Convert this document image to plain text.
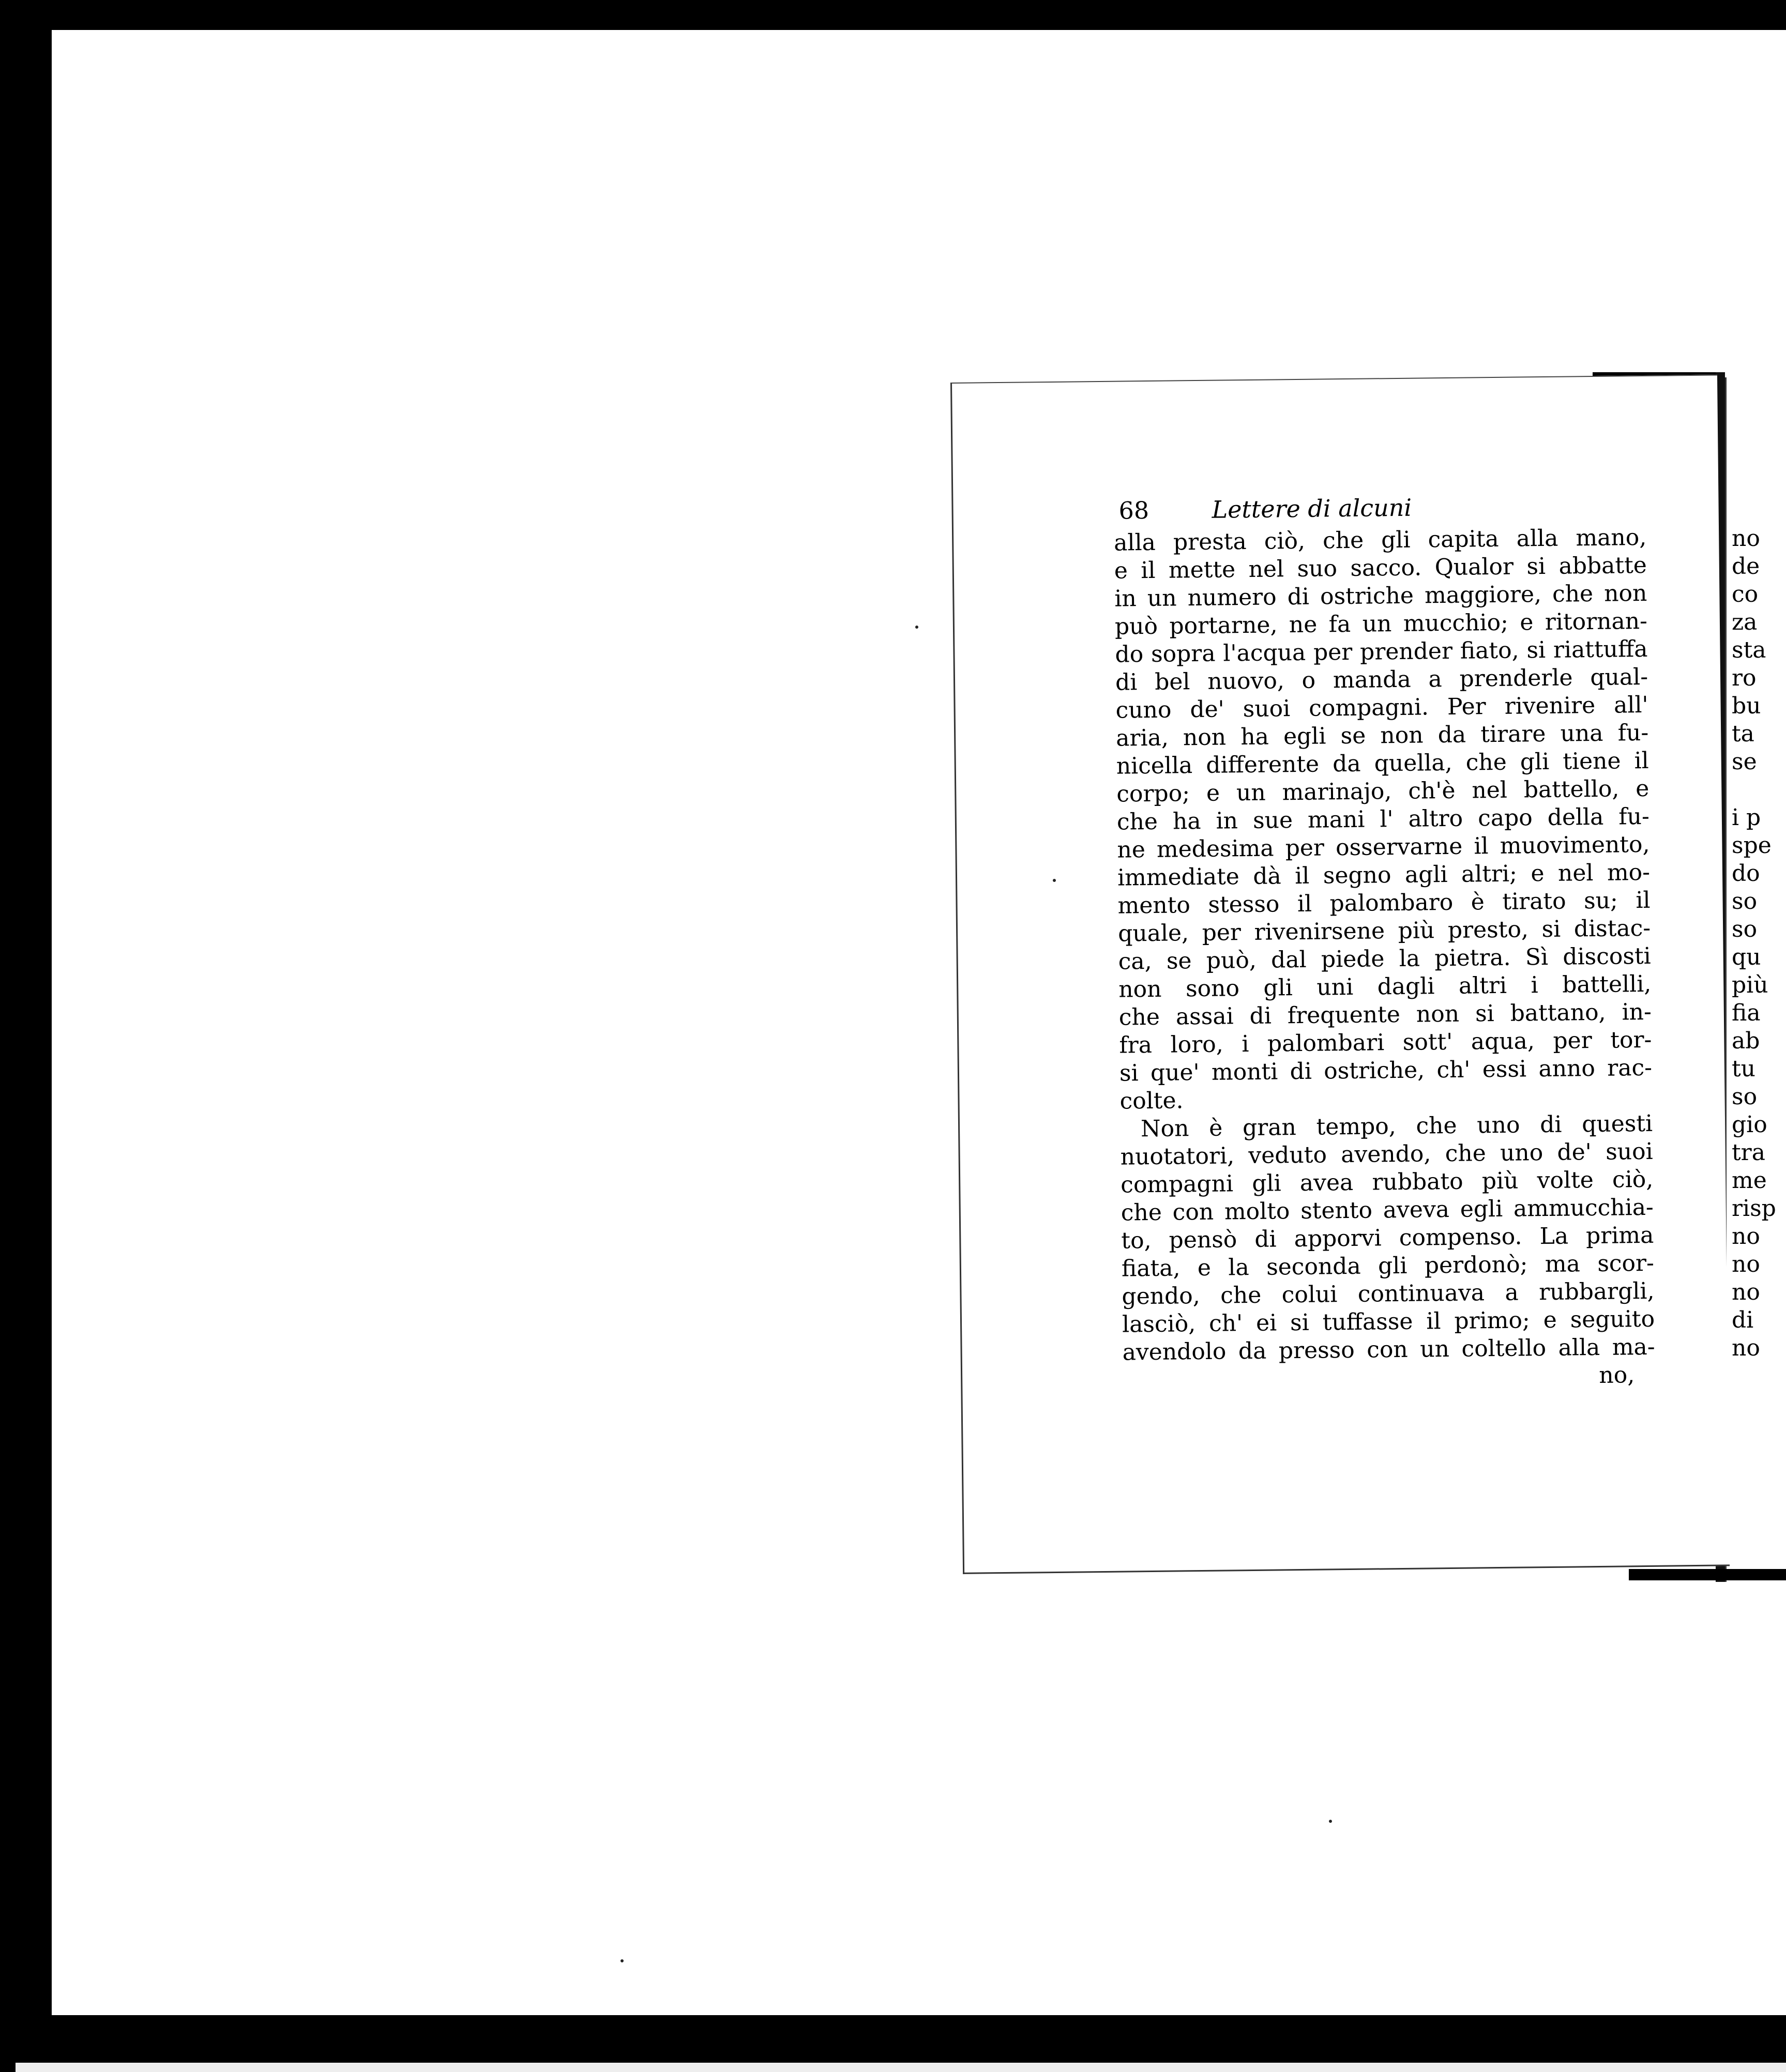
no
de
co
za
sta
ro
bu
ta
se

i p
spe
do
so
so
qu
più
fia
ab
tu
so
gio
tra
me
risp
no
no
no
di
no
68	Lettere di alcuni
alla presta ciò, che gli capita alla mano,
e il mette nel suo sacco. Qualor si abbatte
in un numero di ostriche maggiore, che non
può portarne, ne fa un mucchio; e ritornan-
do sopra l'acqua per prender fiato, si riattuffa
di bel nuovo, o manda a prenderle qual-
cuno de' suoi compagni. Per rivenire all'
aria, non ha egli se non da tirare una fu-
nicella differente da quella, che gli tiene il
corpo; e un marinajo, ch'è nel battello, e
che ha in sue mani l' altro capo della fu-
ne medesima per osservarne il muovimento,
immediate dà il segno agli altri; e nel mo-
mento stesso il palombaro è tirato su; il
quale, per rivenirsene più presto, si distac-
ca, se può, dal piede la pietra. Sì discosti
non sono gli uni dagli altri i battelli,
che assai di frequente non si battano, in-
fra loro, i palombari sott' aqua, per tor-
si que' monti di ostriche, ch' essi anno rac-
colte.
Non è gran tempo, che uno di questi
nuotatori, veduto avendo, che uno de' suoi
compagni gli avea rubbato più volte ciò,
che con molto stento aveva egli ammucchia-
to, pensò di apporvi compenso. La prima
fiata, e la seconda gli perdonò; ma scor-
gendo, che colui continuava a rubbargli,
lasciò, ch' ei si tuffasse il primo; e seguito
avendolo da presso con un coltello alla ma-
no,
